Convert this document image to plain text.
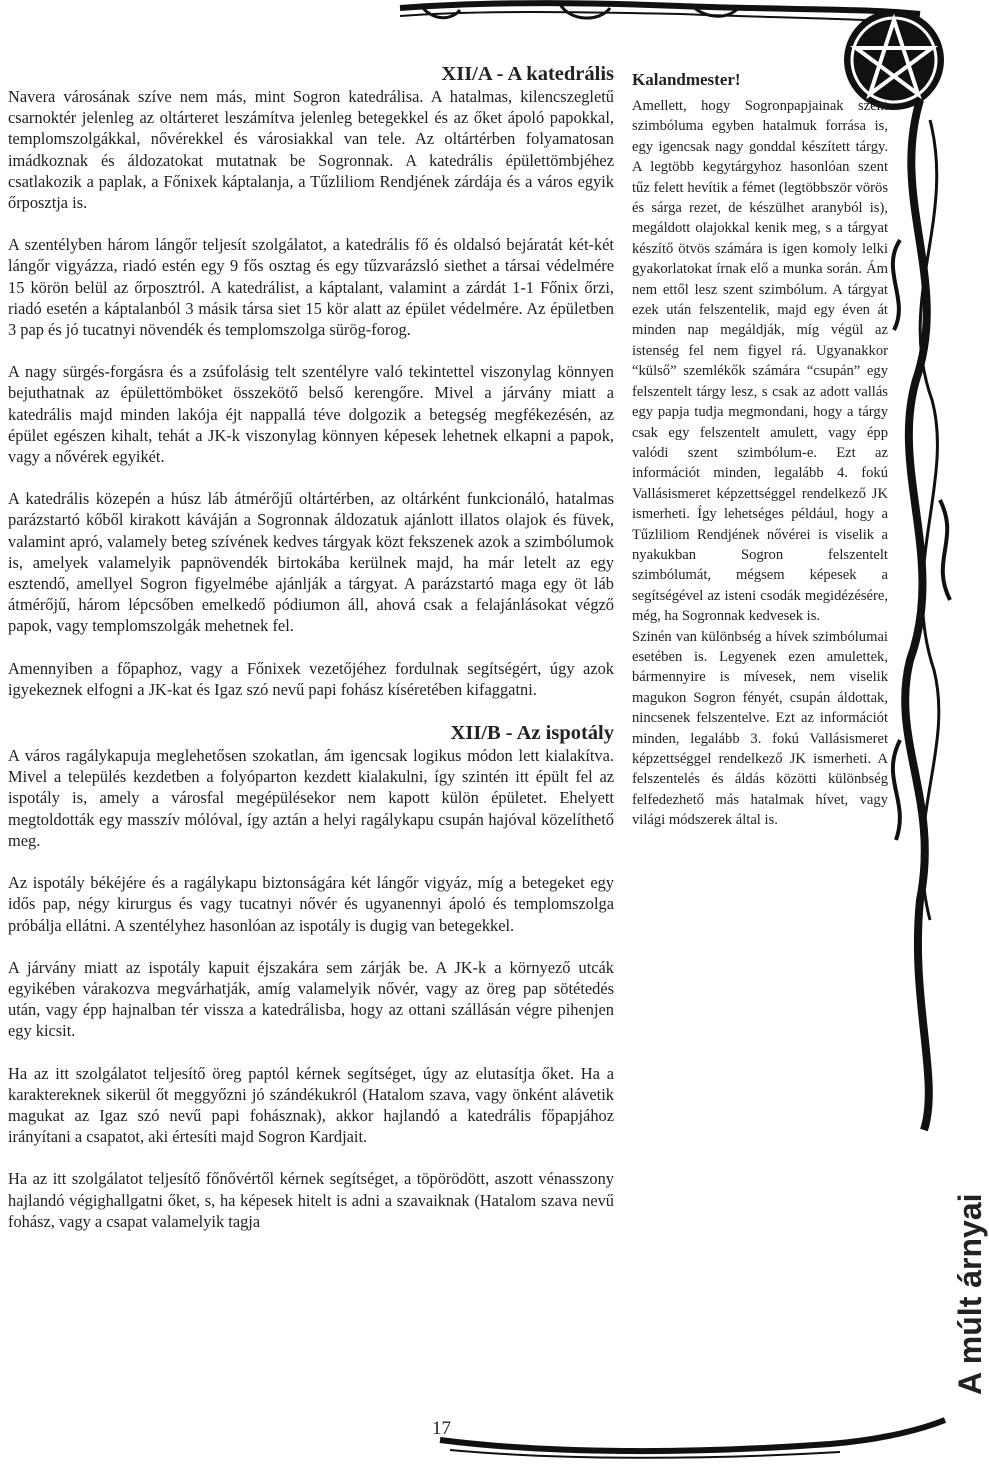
XII/A - A katedrális

Navera városának szíve nem más, mint Sogron katedrálisa. A hatalmas, kilencszegletű csarnoktér jelenleg az oltárteret leszámítva jelenleg betegekkel és az őket ápoló papokkal, templomszolgákkal, nővérekkel és városiakkal van tele. Az oltártérben folyamatosan imádkoznak és áldozatokat mutatnak be Sogronnak. A katedrális épülettömbjéhez csatlakozik a paplak, a Főnixek káptalanja, a Tűzliliom Rendjének zárdája és a város egyik őrposztja is.

A szentélyben három lángőr teljesít szolgálatot, a katedrális fő és oldalsó bejáratát két-két lángőr vigyázza, riadó estén egy 9 fős osztag és egy tűzvarázsló siethet a társai védelmére 15 körön belül az őrposztról. A katedrálist, a káptalant, valamint a zárdát 1-1 Főnix őrzi, riadó esetén a káptalanból 3 másik társa siet 15 kör alatt az épület védelmére. Az épületben 3 pap és jó tucatnyi növendék és templomszolga sürög-forog.

A nagy sürgés-forgásra és a zsúfolásig telt szentélyre való tekintettel viszonylag könnyen bejuthatnak az épülettömböket összekötő belső kerengőre. Mivel a járvány miatt a katedrális majd minden lakója éjt nappallá téve dolgozik a betegség megfékezésén, az épület egészen kihalt, tehát a JK-k viszonylag könnyen képesek lehetnek elkapni a papok, vagy a nővérek egyikét.

A katedrális közepén a húsz láb átmérőjű oltártérben, az oltárként funkcionáló, hatalmas parázstartó kőből kirakott káváján a Sogronnak áldozatuk ajánlott illatos olajok és füvek, valamint apró, valamely beteg szívének kedves tárgyak közt fekszenek azok a szimbólumok is, amelyek valamelyik papnövendék birtokába kerülnek majd, ha már letelt az egy esztendő, amellyel Sogron figyelmébe ajánlják a tárgyat. A parázstartó maga egy öt láb átmérőjű, három lépcsőben emelkedő pódiumon áll, ahová csak a felajánlásokat végző papok, vagy templomszolgák mehetnek fel.

Amennyiben a főpaphoz, vagy a Főnixek vezetőjéhez fordulnak segítségért, úgy azok igyekeznek elfogni a JK-kat és Igaz szó nevű papi fohász kíséretében kifaggatni.

XII/B - Az ispotály

A város ragálykapuja meglehetősen szokatlan, ám igencsak logikus módon lett kialakítva. Mivel a település kezdetben a folyóparton kezdett kialakulni, így szintén itt épült fel az ispotály is, amely a városfal megépülésekor nem kapott külön épületet. Ehelyett megtoldották egy masszív mólóval, így aztán a helyi ragálykapu csupán hajóval közelíthető meg.

Az ispotály békéjére és a ragálykapu biztonságára két lángőr vigyáz, míg a betegeket egy idős pap, négy kirurgus és vagy tucatnyi nővér és ugyanennyi ápoló és templomszolga próbálja ellátni. A szentélyhez hasonlóan az ispotály is dugig van betegekkel.

A járvány miatt az ispotály kapuit éjszakára sem zárják be. A JK-k a környező utcák egyikében várakozva megvárhatják, amíg valamelyik nővér, vagy az öreg pap sötétedés után, vagy épp hajnalban tér vissza a katedrálisba, hogy az ottani szállásán végre pihenjen egy kicsit.

Ha az itt szolgálatot teljesítő öreg paptól kérnek segítséget, úgy az elutasítja őket. Ha a karaktereknek sikerül őt meggyőzni jó szándékukról (Hatalom szava, vagy önként alávetik magukat az Igaz szó nevű papi fohásznak), akkor hajlandó a katedrális főpapjához irányítani a csapatot, aki értesíti majd Sogron Kardjait.

Ha az itt szolgálatot teljesítő főnővértől kérnek segítséget, a töpörödött, aszott vénasszony hajlandó végighallgatni őket, s, ha képesek hitelt is adni a szavaiknak (Hatalom szava nevű fohász, vagy a csapat valamelyik tagja

Kalandmester!

Amellett, hogy Sogronpapjainak szent szimbóluma egyben hatalmuk forrása is, egy igencsak nagy gonddal készített tárgy. A legtöbb kegytárgyhoz hasonlóan szent tűz felett hevítik a fémet (legtöbbször vörös és sárga rezet, de készülhet aranyból is), megáldott olajokkal kenik meg, s a tárgyat készítő ötvös számára is igen komoly lelki gyakorlatokat írnak elő a munka során. Ám nem ettől lesz szent szimbólum. A tárgyat ezek után felszentelik, majd egy éven át minden nap megáldják, míg végül az istenség fel nem figyel rá. Ugyanakkor “külső” szemlékők számára “csupán” egy felszentelt tárgy lesz, s csak az adott vallás egy papja tudja megmondani, hogy a tárgy csak egy felszentelt amulett, vagy épp valódi szent szimbólum-e. Ezt az információt minden, legalább 4. fokú Vallásismeret képzettséggel rendelkező JK ismerheti. Így lehetséges például, hogy a Tűzliliom Rendjének nővérei is viselik a nyakukban Sogron felszentelt szimbólumát, mégsem képesek a segítségével az isteni csodák megidézésére, még, ha Sogronnak kedvesek is.

Szinén van különbség a hívek szimbólumai esetében is. Legyenek ezen amulettek, bármennyire is mívesek, nem viselik magukon Sogron fényét, csupán áldottak, nincsenek felszentelve. Ezt az információt minden, legalább 3. fokú Vallásismeret képzettséggel rendelkező JK ismerheti. A felszentelés és áldás közötti különbség felfedezhető más hatalmak hívet, vagy világi módszerek által is.

17
A múlt árnyai
